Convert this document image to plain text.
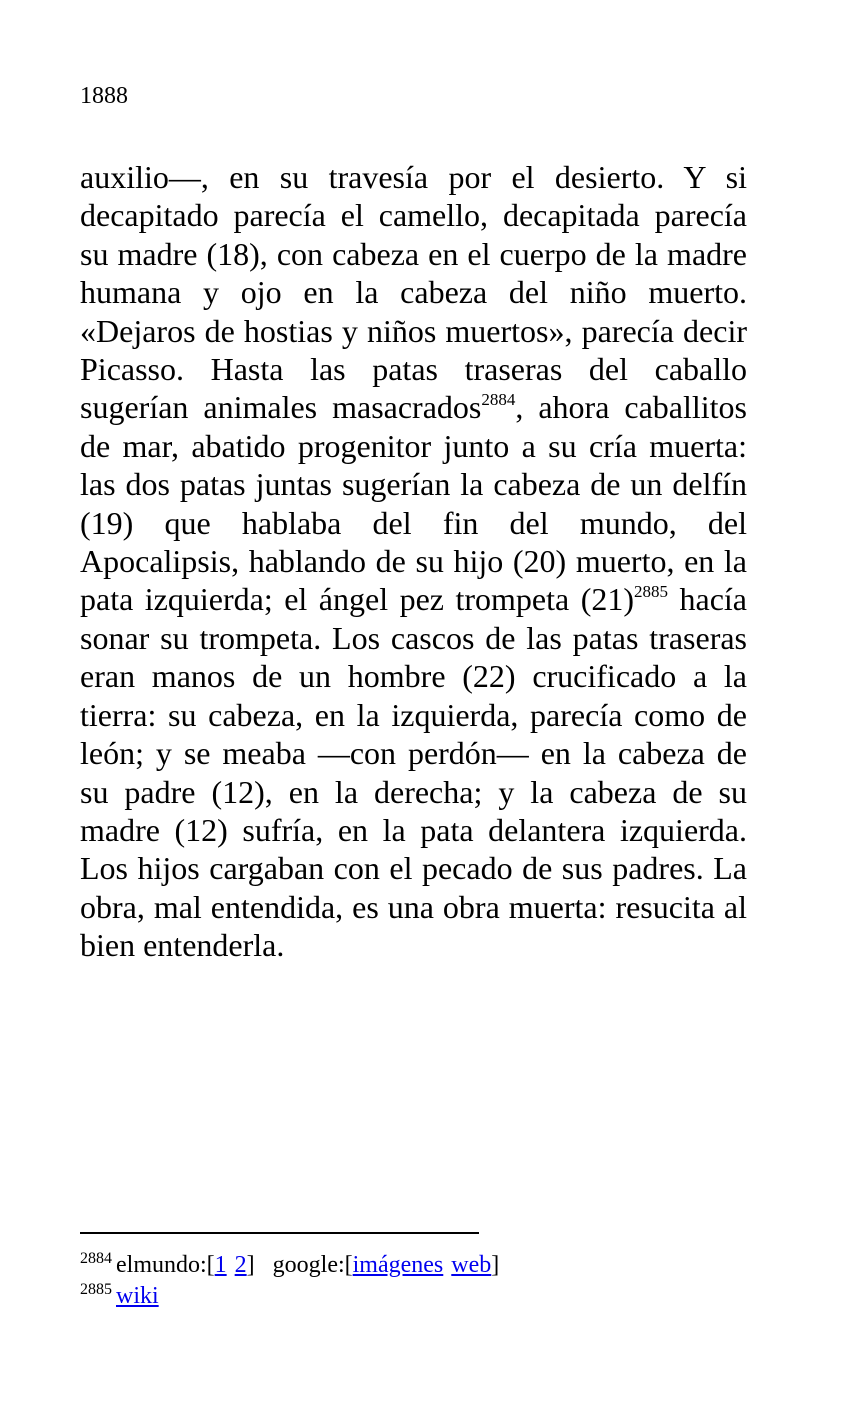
1888

auxilio—, en su travesía por el desierto. Y si decapitado parecía el camello, decapitada parecía su madre (18), con cabeza en el cuerpo de la madre humana y ojo en la cabeza del niño muerto. «Dejaros de hostias y niños muertos», parecía decir Picasso. Hasta las patas traseras del caballo sugerían animales masacrados$^{2884}$, ahora caballitos de mar, abatido progenitor junto a su cría muerta: las dos patas juntas sugerían la cabeza de un delfín (19) que hablaba del fin del mundo, del Apocalipsis, hablando de su hijo (20) muerto, en la pata izquierda; el ángel pez trompeta (21)$^{2885}$ hacía sonar su trompeta. Los cascos de las patas traseras eran manos de un hombre (22) crucificado a la tierra: su cabeza, en la izquierda, parecía como de león; y se meaba —con perdón— en la cabeza de su padre (12), en la derecha; y la cabeza de su madre (12) sufría, en la pata delantera izquierda. Los hijos cargaban con el pecado de sus padres. La obra, mal entendida, es una obra muerta: resucita al bien entenderla.

$^{2884}$ elmundo:[1 2] google:[imágenes web]
$^{2885}$ wiki
